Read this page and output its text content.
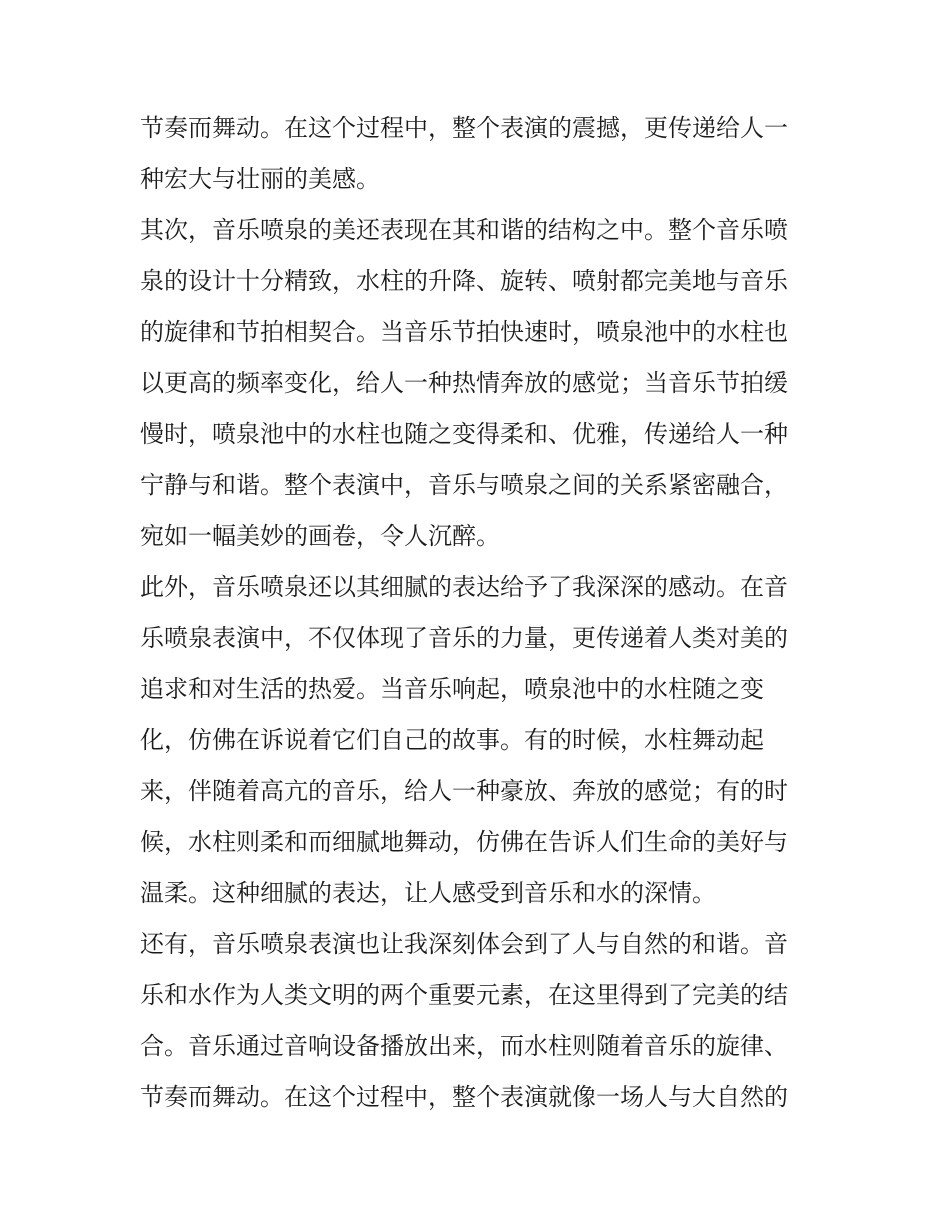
节奏而舞动。在这个过程中，整个表演的震撼，更传递给人一
种宏大与壮丽的美感。
其次，音乐喷泉的美还表现在其和谐的结构之中。整个音乐喷
泉的设计十分精致，水柱的升降、旋转、喷射都完美地与音乐
的旋律和节拍相契合。当音乐节拍快速时，喷泉池中的水柱也
以更高的频率变化，给人一种热情奔放的感觉；当音乐节拍缓
慢时，喷泉池中的水柱也随之变得柔和、优雅，传递给人一种
宁静与和谐。整个表演中，音乐与喷泉之间的关系紧密融合，
宛如一幅美妙的画卷，令人沉醉。
此外，音乐喷泉还以其细腻的表达给予了我深深的感动。在音
乐喷泉表演中，不仅体现了音乐的力量，更传递着人类对美的
追求和对生活的热爱。当音乐响起，喷泉池中的水柱随之变
化，仿佛在诉说着它们自己的故事。有的时候，水柱舞动起
来，伴随着高亢的音乐，给人一种豪放、奔放的感觉；有的时
候，水柱则柔和而细腻地舞动，仿佛在告诉人们生命的美好与
温柔。这种细腻的表达，让人感受到音乐和水的深情。
还有，音乐喷泉表演也让我深刻体会到了人与自然的和谐。音
乐和水作为人类文明的两个重要元素，在这里得到了完美的结
合。音乐通过音响设备播放出来，而水柱则随着音乐的旋律、
节奏而舞动。在这个过程中，整个表演就像一场人与大自然的
